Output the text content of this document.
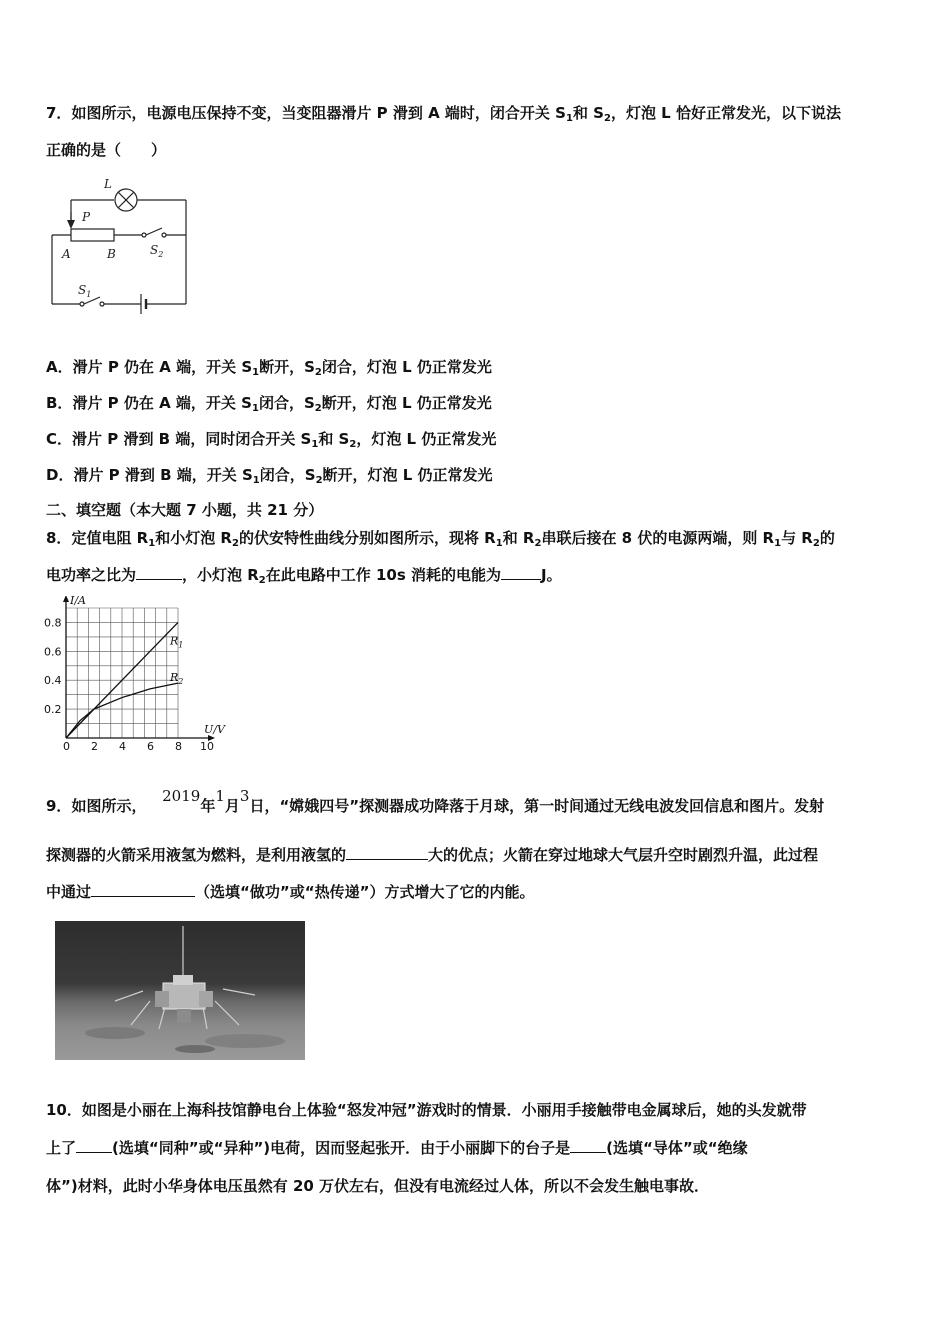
7．如图所示，电源电压保持不变，当变阻器滑片 P 滑到 A 端时，闭合开关 $S_1$和 $S_2$，灯泡 L 恰好正常发光，以下说法
正确的是（　　）
L
P
A	B	$S_2$
$S_1$
A．滑片 P 仍在 A 端，开关 $S_1$断开，$S_2$闭合，灯泡 L 仍正常发光
B．滑片 P 仍在 A 端，开关 $S_1$闭合，$S_2$断开，灯泡 L 仍正常发光
C．滑片 P 滑到 B 端，同时闭合开关 $S_1$和 $S_2$，灯泡 L 仍正常发光
D．滑片 P 滑到 B 端，开关 $S_1$闭合，$S_2$断开，灯泡 L 仍正常发光
二、填空题（本大题 7 小题，共 21 分）
8．定值电阻 $R_1$和小灯泡 $R_2$的伏安特性曲线分别如图所示，现将 $R_1$和 $R_2$串联后接在 8 伏的电源两端，则 $R_1$与 $R_2$的
电功率之比为	，小灯泡 $R_2$在此电路中工作 10s 消耗的电能为	J。
I/A
U/V
0 2 4 6 8 10
0.2
0.4
0.6
0.8
$R_1$
$R_2$
9．如图所示，   2019年1月3日，“嫦娥四号”探测器成功降落于月球，第一时间通过无线电波发回信息和图片。发射
探测器的火箭采用液氢为燃料，是利用液氢的	大的优点；火箭在穿过地球大气层升空时剧烈升温，此过程
中通过	（选填“做功”或“热传递”）方式增大了它的内能。
10．如图是小丽在上海科技馆静电台上体验“怒发冲冠”游戏时的情景．小丽用手接触带电金属球后，她的头发就带
上了 (选填“同种”或“异种”)电荷，因而竖起张开．由于小丽脚下的台子是 (选填“导体”或“绝缘
体”)材料，此时小华身体电压虽然有 20 万伏左右，但没有电流经过人体，所以不会发生触电事故．
